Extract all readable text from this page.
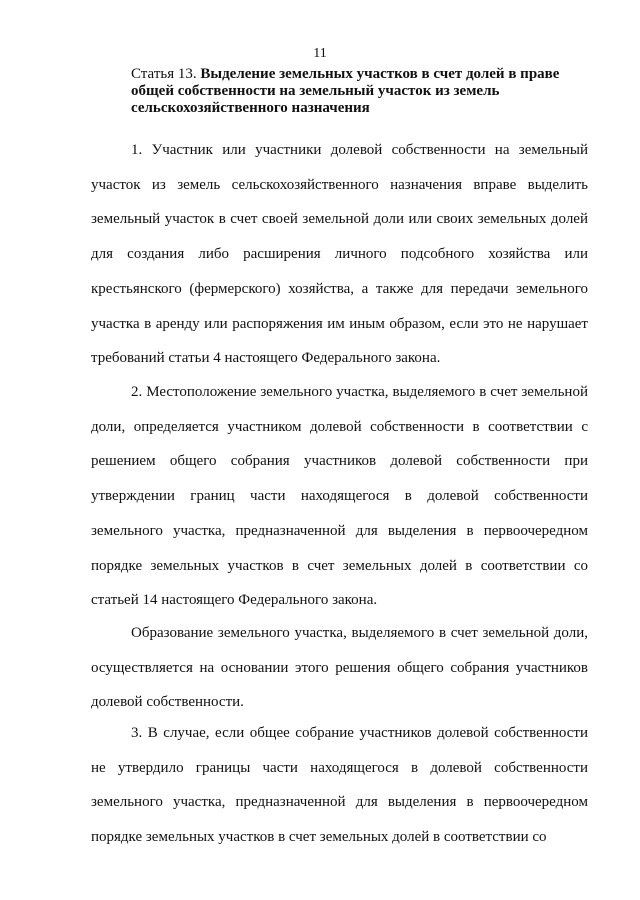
11
Статья 13. Выделение земельных участков в счет долей в праве общей собственности на земельный участок из земель сельскохозяйственного назначения

1. Участник или участники долевой собственности на земельный участок из земель сельскохозяйственного назначения вправе выделить земельный участок в счет своей земельной доли или своих земельных долей для создания либо расширения личного подсобного хозяйства или крестьянского (фермерского) хозяйства, а также для передачи земельного участка в аренду или распоряжения им иным образом, если это не нарушает требований статьи 4 настоящего Федерального закона.

2. Местоположение земельного участка, выделяемого в счет земельной доли, определяется участником долевой собственности в соответствии с решением общего собрания участников долевой собственности при утверждении границ части находящегося в долевой собственности земельного участка, предназначенной для выделения в первоочередном порядке земельных участков в счет земельных долей в соответствии со статьей 14 настоящего Федерального закона.

Образование земельного участка, выделяемого в счет земельной доли, осуществляется на основании этого решения общего собрания участников долевой собственности.

3. В случае, если общее собрание участников долевой собственности не утвердило границы части находящегося в долевой собственности земельного участка, предназначенной для выделения в первоочередном порядке земельных участков в счет земельных долей в соответствии со
